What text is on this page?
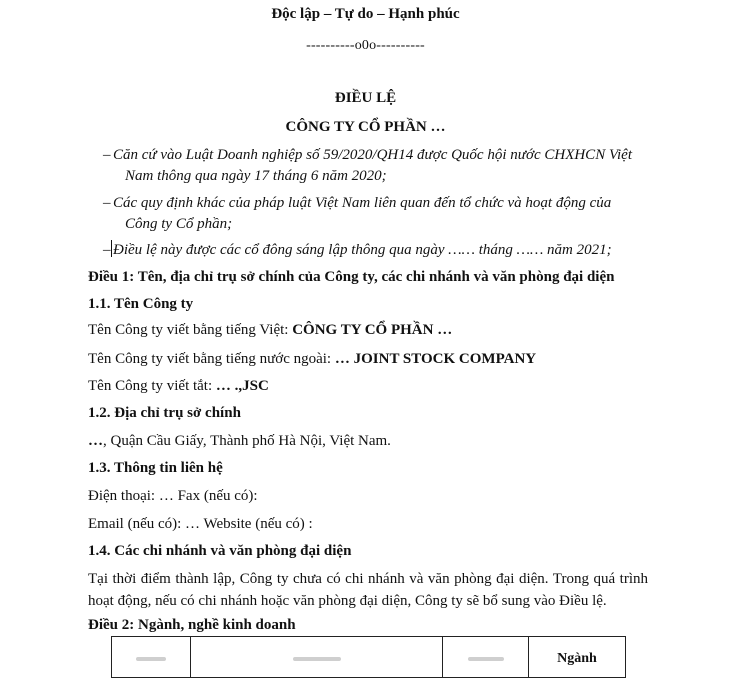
Độc lập – Tự do – Hạnh phúc
----------o0o----------
ĐIỀU LỆ
CÔNG TY CỔ PHẦN …
– Căn cứ vào Luật Doanh nghiệp số 59/2020/QH14 được Quốc hội nước CHXHCN Việt
Nam thông qua ngày 17 tháng 6 năm 2020;
– Các quy định khác của pháp luật Việt Nam liên quan đến tổ chức và hoạt động của
Công ty Cổ phần;
– Điều lệ này được các cổ đông sáng lập thông qua ngày …… tháng …… năm 2021;
Điều 1: Tên, địa chỉ trụ sở chính của Công ty, các chi nhánh và văn phòng đại diện
1.1. Tên Công ty
Tên Công ty viết bằng tiếng Việt: CÔNG TY CỔ PHẦN …
Tên Công ty viết bằng tiếng nước ngoài: … JOINT STOCK COMPANY
Tên Công ty viết tắt: … .,JSC
1.2. Địa chỉ trụ sở chính
…, Quận Cầu Giấy, Thành phố Hà Nội, Việt Nam.
1.3. Thông tin liên hệ
Điện thoại: … Fax (nếu có):
Email (nếu có): … Website (nếu có) :
1.4. Các chi nhánh và văn phòng đại diện
Tại thời điểm thành lập, Công ty chưa có chi nhánh và văn phòng đại diện. Trong quá trình hoạt động, nếu có chi nhánh hoặc văn phòng đại diện, Công ty sẽ bổ sung vào Điều lệ.
Điều 2: Ngành, nghề kinh doanh
			Ngành
